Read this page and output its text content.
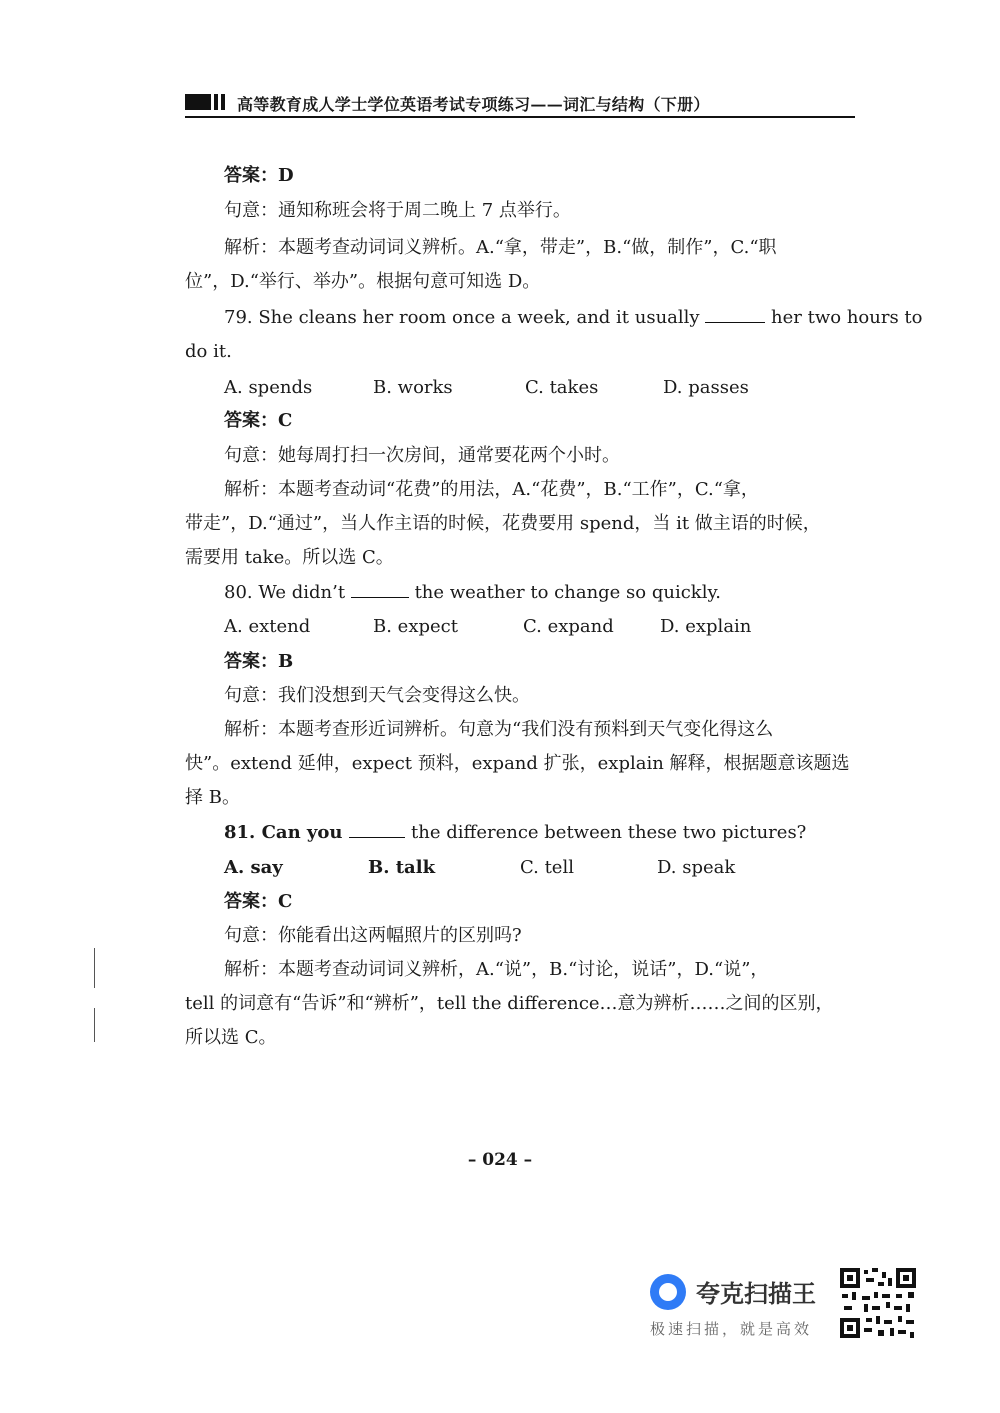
高等教育成人学士学位英语考试专项练习——词汇与结构（下册）
答案：D
句意：通知称班会将于周二晚上 7 点举行。
解析：本题考查动词词义辨析。A.“拿，带走”，B.“做，制作”，C.“职
位”，D.“举行、举办”。根据句意可知选 D。
79. She cleans her room once a week, and it usually	her two hours to
do it.
A. spends	B. works	C. takes	D. passes
答案：C
句意：她每周打扫一次房间，通常要花两个小时。
解析：本题考查动词“花费”的用法，A.“花费”，B.“工作”，C.“拿，
带走”，D.“通过”，当人作主语的时候，花费要用 spend，当 it 做主语的时候，
需要用 take。所以选 C。
80. We didn’t	the weather to change so quickly.
A. extend	B. expect	C. expand	D. explain
答案：B
句意：我们没想到天气会变得这么快。
解析：本题考查形近词辨析。句意为“我们没有预料到天气变化得这么
快”。extend 延伸，expect 预料，expand 扩张，explain 解释，根据题意该题选
择 B。
81. Can you	the difference between these two pictures?
A. say	B. talk	C. tell	D. speak
答案：C
句意：你能看出这两幅照片的区别吗?
解析：本题考查动词词义辨析，A.“说”，B.“讨论，说话”，D.“说”，
tell 的词意有“告诉”和“辨析”，tell the difference…意为辨析……之间的区别，
所以选 C。
– 024 –
夸克扫描王
极速扫描，就是高效
